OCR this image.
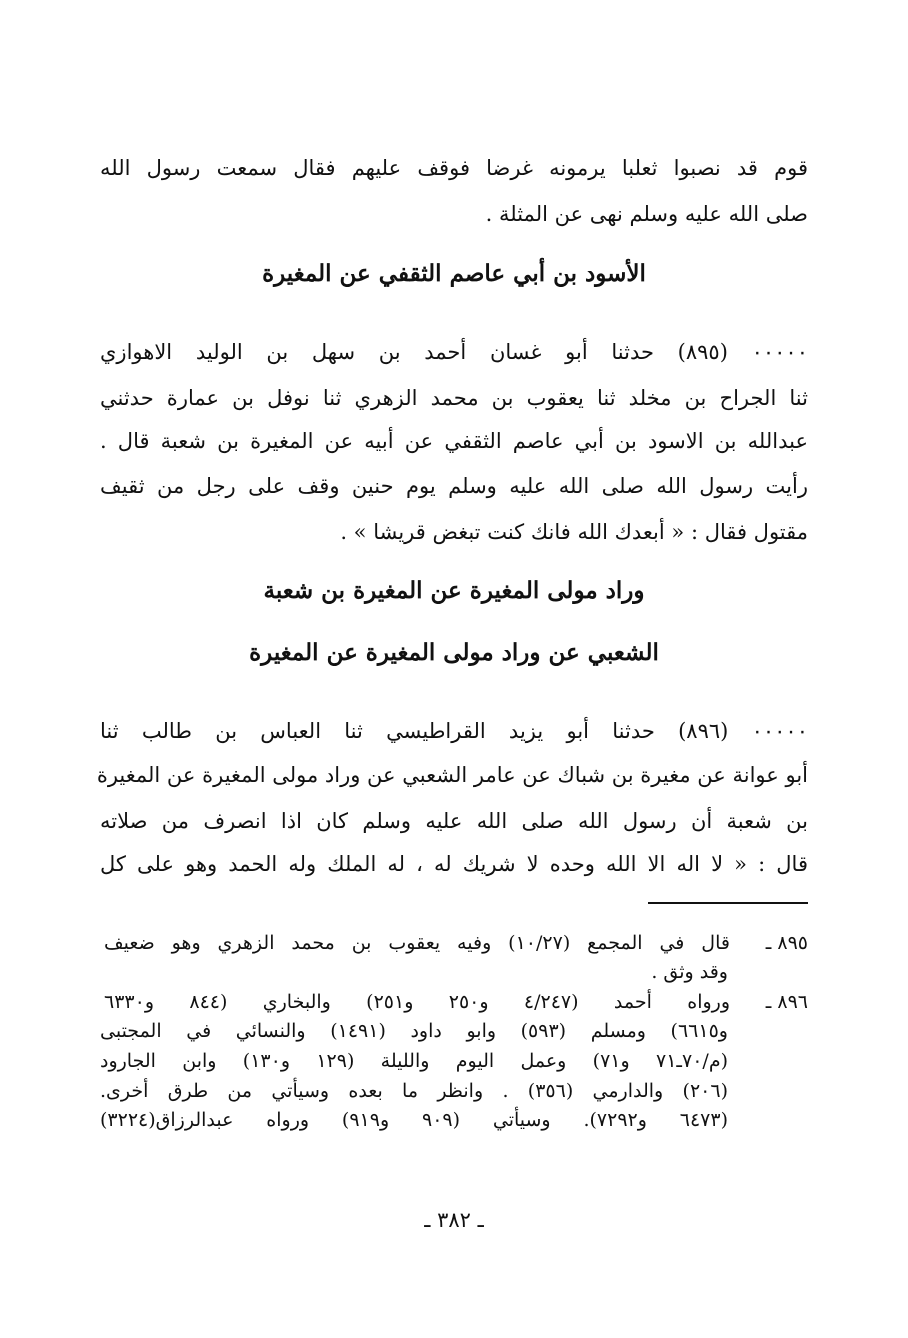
قوم قد نصبوا ثعلبا يرمونه غرضا فوقف عليهم فقال سمعت رسول الله
صلى الله عليه وسلم نهى عن المثلة .
الأسود بن أبي عاصم الثقفي عن المغيرة
٠٠٠٠٠ (٨٩٥) حدثنا أبو غسان أحمد بن سهل بن الوليد الاهوازي
ثنا الجراح بن مخلد ثنا يعقوب بن محمد الزهري ثنا نوفل بن عمارة حدثني
عبدالله بن الاسود بن أبي عاصم الثقفي عن أبيه عن المغيرة بن شعبة قال .
رأيت رسول الله صلى الله عليه وسلم يوم حنين وقف على رجل من ثقيف
مقتول فقال : « أبعدك الله فانك كنت تبغض قريشا » .
وراد مولى المغيرة عن المغيرة بن شعبة
الشعبي عن وراد مولى المغيرة عن المغيرة
٠٠٠٠٠ (٨٩٦) حدثنا أبو يزيد القراطيسي ثنا العباس بن طالب ثنا
أبو عوانة عن مغيرة بن شباك عن عامر الشعبي عن وراد مولى المغيرة عن المغيرة
بن شعبة أن رسول الله صلى الله عليه وسلم كان اذا انصرف من صلاته
قال : « لا اله الا الله وحده لا شريك له ، له الملك وله الحمد وهو على كل
٨٩٥ ـقال في المجمع (١٠/٢٧) وفيه يعقوب بن محمد الزهري وهو ضعيف
وقد وثق .
٨٩٦ ـورواه أحمد (٤/٢٤٧ و٢٥٠ و٢٥١) والبخاري (٨٤٤ و٦٣٣٠
و٦٦١٥) ومسلم (٥٩٣) وابو داود (١٤٩١) والنسائي في المجتبى
(م/٧٠ـ٧١ و٧١) وعمل اليوم والليلة (١٢٩ و١٣٠) وابن الجارود
(٢٠٦) والدارمي (٣٥٦) . وانظر ما بعده وسيأتي من طرق أخرى.
(٦٤٧٣ و٧٢٩٢). وسيأتي (٩٠٩ و٩١٩) ورواه عبدالرزاق(٣٢٢٤)
ـ ٣٨٢ ـ
